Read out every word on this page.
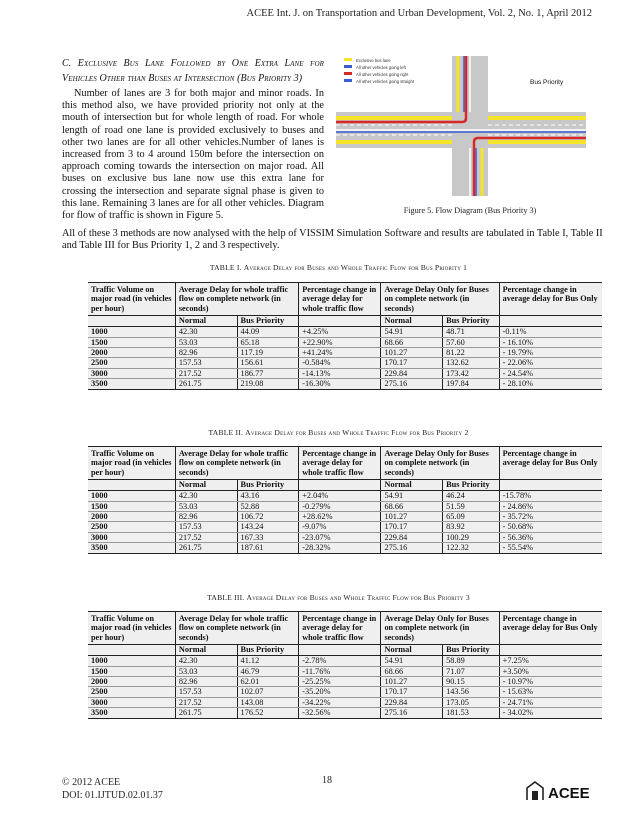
ACEE Int. J. on Transportation and Urban Development, Vol. 2, No. 1, April 2012

C. Exclusive Bus Lane Followed by One Extra Lane for Vehicles Other than Buses at Intersection (Bus Priority 3)

Number of lanes are 3 for both major and minor roads. In this method also, we have provided priority not only at the mouth of intersection but for whole length of road. For whole length of road one lane is provided exclusively to buses and other two lanes are for all other vehicles.Number of lanes is increased from 3 to 4 around 150m before the intersection on approach coming towards the intersection on major road. All buses on exclusive bus lane now use this extra lane for crossing the intersection and separate signal phase is given to this lane. Remaining 3 lanes are for all other vehicles. Diagram for flow of traffic is shown in Figure 5.

Exclusive bus lane
All other vehicles going left
All other vehicles going right
All other vehicles going straight	Bus Priority
Figure 5. Flow Diagram (Bus Priority 3)

All of these 3 methods are now analysed with the help of VISSIM Simulation Software and results are tabulated in Table I, Table II and Table III for Bus Priority 1, 2 and 3 respectively.

TABLE I. Average Delay for Buses and Whole Traffic Flow for Bus Priority 1
Traffic Volume on major road (in vehicles per hour)	Average Delay for whole traffic flow on complete network (in seconds)		Percentage change in average delay for whole traffic flow	Average Delay Only for Buses on complete network (in seconds)		Percentage change in average delay for Bus Only
	Normal	Bus Priority		Normal	Bus Priority	
1000	42.30	44.09	+4.25%	54.91	48.71	-0.11%
1500	53.03	65.18	+22.90%	68.66	57.60	- 16.10%
2000	82.96	117.19	+41.24%	101.27	81.22	- 19.79%
2500	157.53	156.61	-0.584%	170.17	132.62	- 22.06%
3000	217.52	186.77	-14.13%	229.84	173.42	- 24.54%
3500	261.75	219.08	-16.30%	275.16	197.84	- 28.10%
TABLE II. Average Delay for Buses and Whole Traffic Flow for Bus Priority 2
Traffic Volume on major road (in vehicles per hour)	Average Delay for whole traffic flow on complete network (in seconds)		Percentage change in average delay for whole traffic flow	Average Delay Only for Buses on complete network (in seconds)		Percentage change in average delay for Bus Only
	Normal	Bus Priority		Normal	Bus Priority	
1000	42.30	43.16	+2.04%	54.91	46.24	-15.78%
1500	53.03	52.88	-0.279%	68.66	51.59	- 24.86%
2000	82.96	106.72	+28.62%	101.27	65.09	- 35.72%
2500	157.53	143.24	-9.07%	170.17	83.92	- 50.68%
3000	217.52	167.33	-23.07%	229.84	100.29	- 56.36%
3500	261.75	187.61	-28.32%	275.16	122.32	- 55.54%
TABLE III. Average Delay for Buses and Whole Traffic Flow for Bus Priority 3
Traffic Volume on major road (in vehicles per hour)	Average Delay for whole traffic flow on complete network (in seconds)		Percentage change in average delay for whole traffic flow	Average Delay Only for Buses on complete network (in seconds)		Percentage change in average delay for Bus Only
	Normal	Bus Priority		Normal	Bus Priority	
1000	42.30	41.12	-2.78%	54.91	58.89	+7.25%
1500	53.03	46.79	-11.76%	68.66	71.07	+3.50%
2000	82.96	62.01	-25.25%	101.27	90.15	- 10.97%
2500	157.53	102.07	-35.20%	170.17	143.56	- 15.63%
3000	217.52	143.08	-34.22%	229.84	173.05	- 24.71%
3500	261.75	176.52	-32.56%	275.16	181.53	- 34.02%
© 2012 ACEE
DOI: 01.IJTUD.02.01.37
18
ACEE
